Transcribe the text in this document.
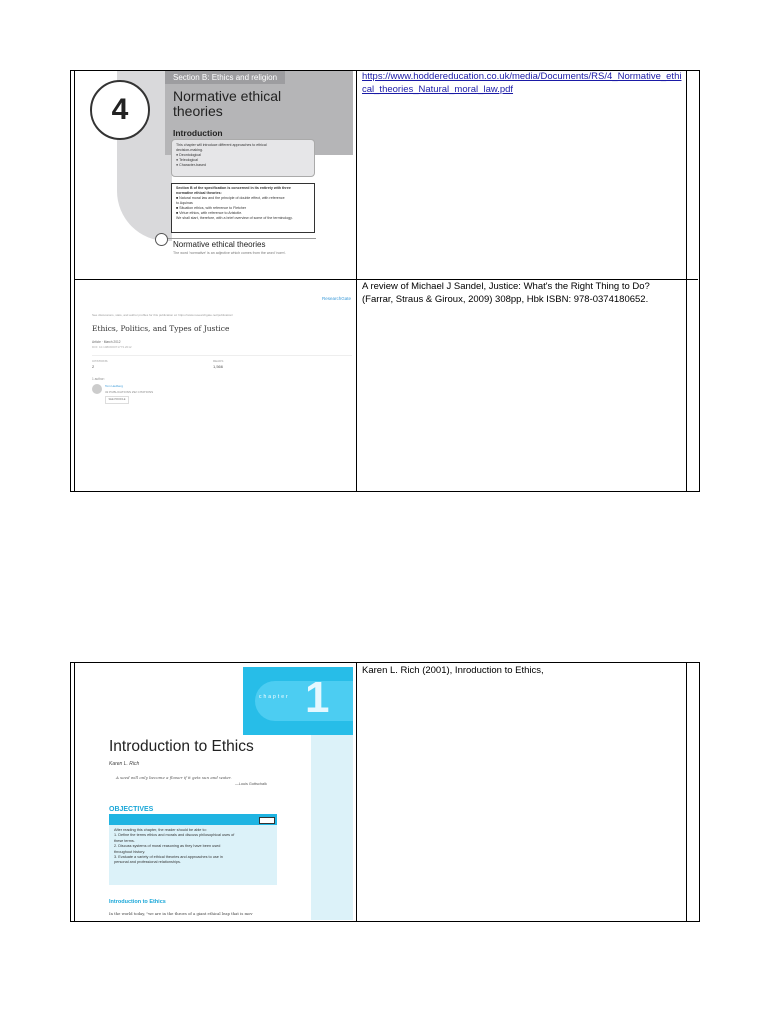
4
Section B: Ethics and religion
Normative ethical theories
Introduction
This chapter will introduce different approaches to ethical
decision-making.
● Deontological
● Teleological
● Character-based
Section B of the specification is concerned in its entirety with three
normative ethical theories:
■ Natural moral law and the principle of double effect, with reference
to Aquinas
■ Situation ethics, with reference to Fletcher
■ Virtue ethics, with reference to Aristotle.
We shall start, therefore, with a brief overview of some of the terminology.
Normative ethical theories
The word 'normative' is an adjective which comes from the word 'norm'.
https://www.hoddereducation.co.uk/media/Documents/RS/4_Normative_ethical_theories_Natural_moral_law.pdf
ResearchGate
See discussions, stats, and author profiles for this publication at: https://www.researchgate.net/publication/
Ethics, Politics, and Types of Justice
Article · March 2012
DOI: 10.1080/00071773.2012
CITATIONS
2
READS
1,566
1 author:
Tom Hedberg
32 PUBLICATIONS 292 CITATIONS
SEE PROFILE
A review of Michael J Sandel, Justice: What's the Right Thing to Do? (Farrar, Straus & Giroux, 2009) 308pp, Hbk ISBN: 978-0374180652.
chapter 1
Introduction to Ethics
Karen L. Rich
A seed will only become a flower if it gets sun and water.
—Louis Gottschalk
OBJECTIVES
After reading this chapter, the reader should be able to:
1. Define the terms ethics and morals and discuss philosophical uses of
these terms.
2. Discuss systems of moral reasoning as they have been used
throughout history.
3. Evaluate a variety of ethical theories and approaches to use in
personal and professional relationships.
Introduction to Ethics
In the world today, "we are in the throes of a giant ethical leap that is mov
Karen L. Rich (2001), Inroduction to Ethics,
